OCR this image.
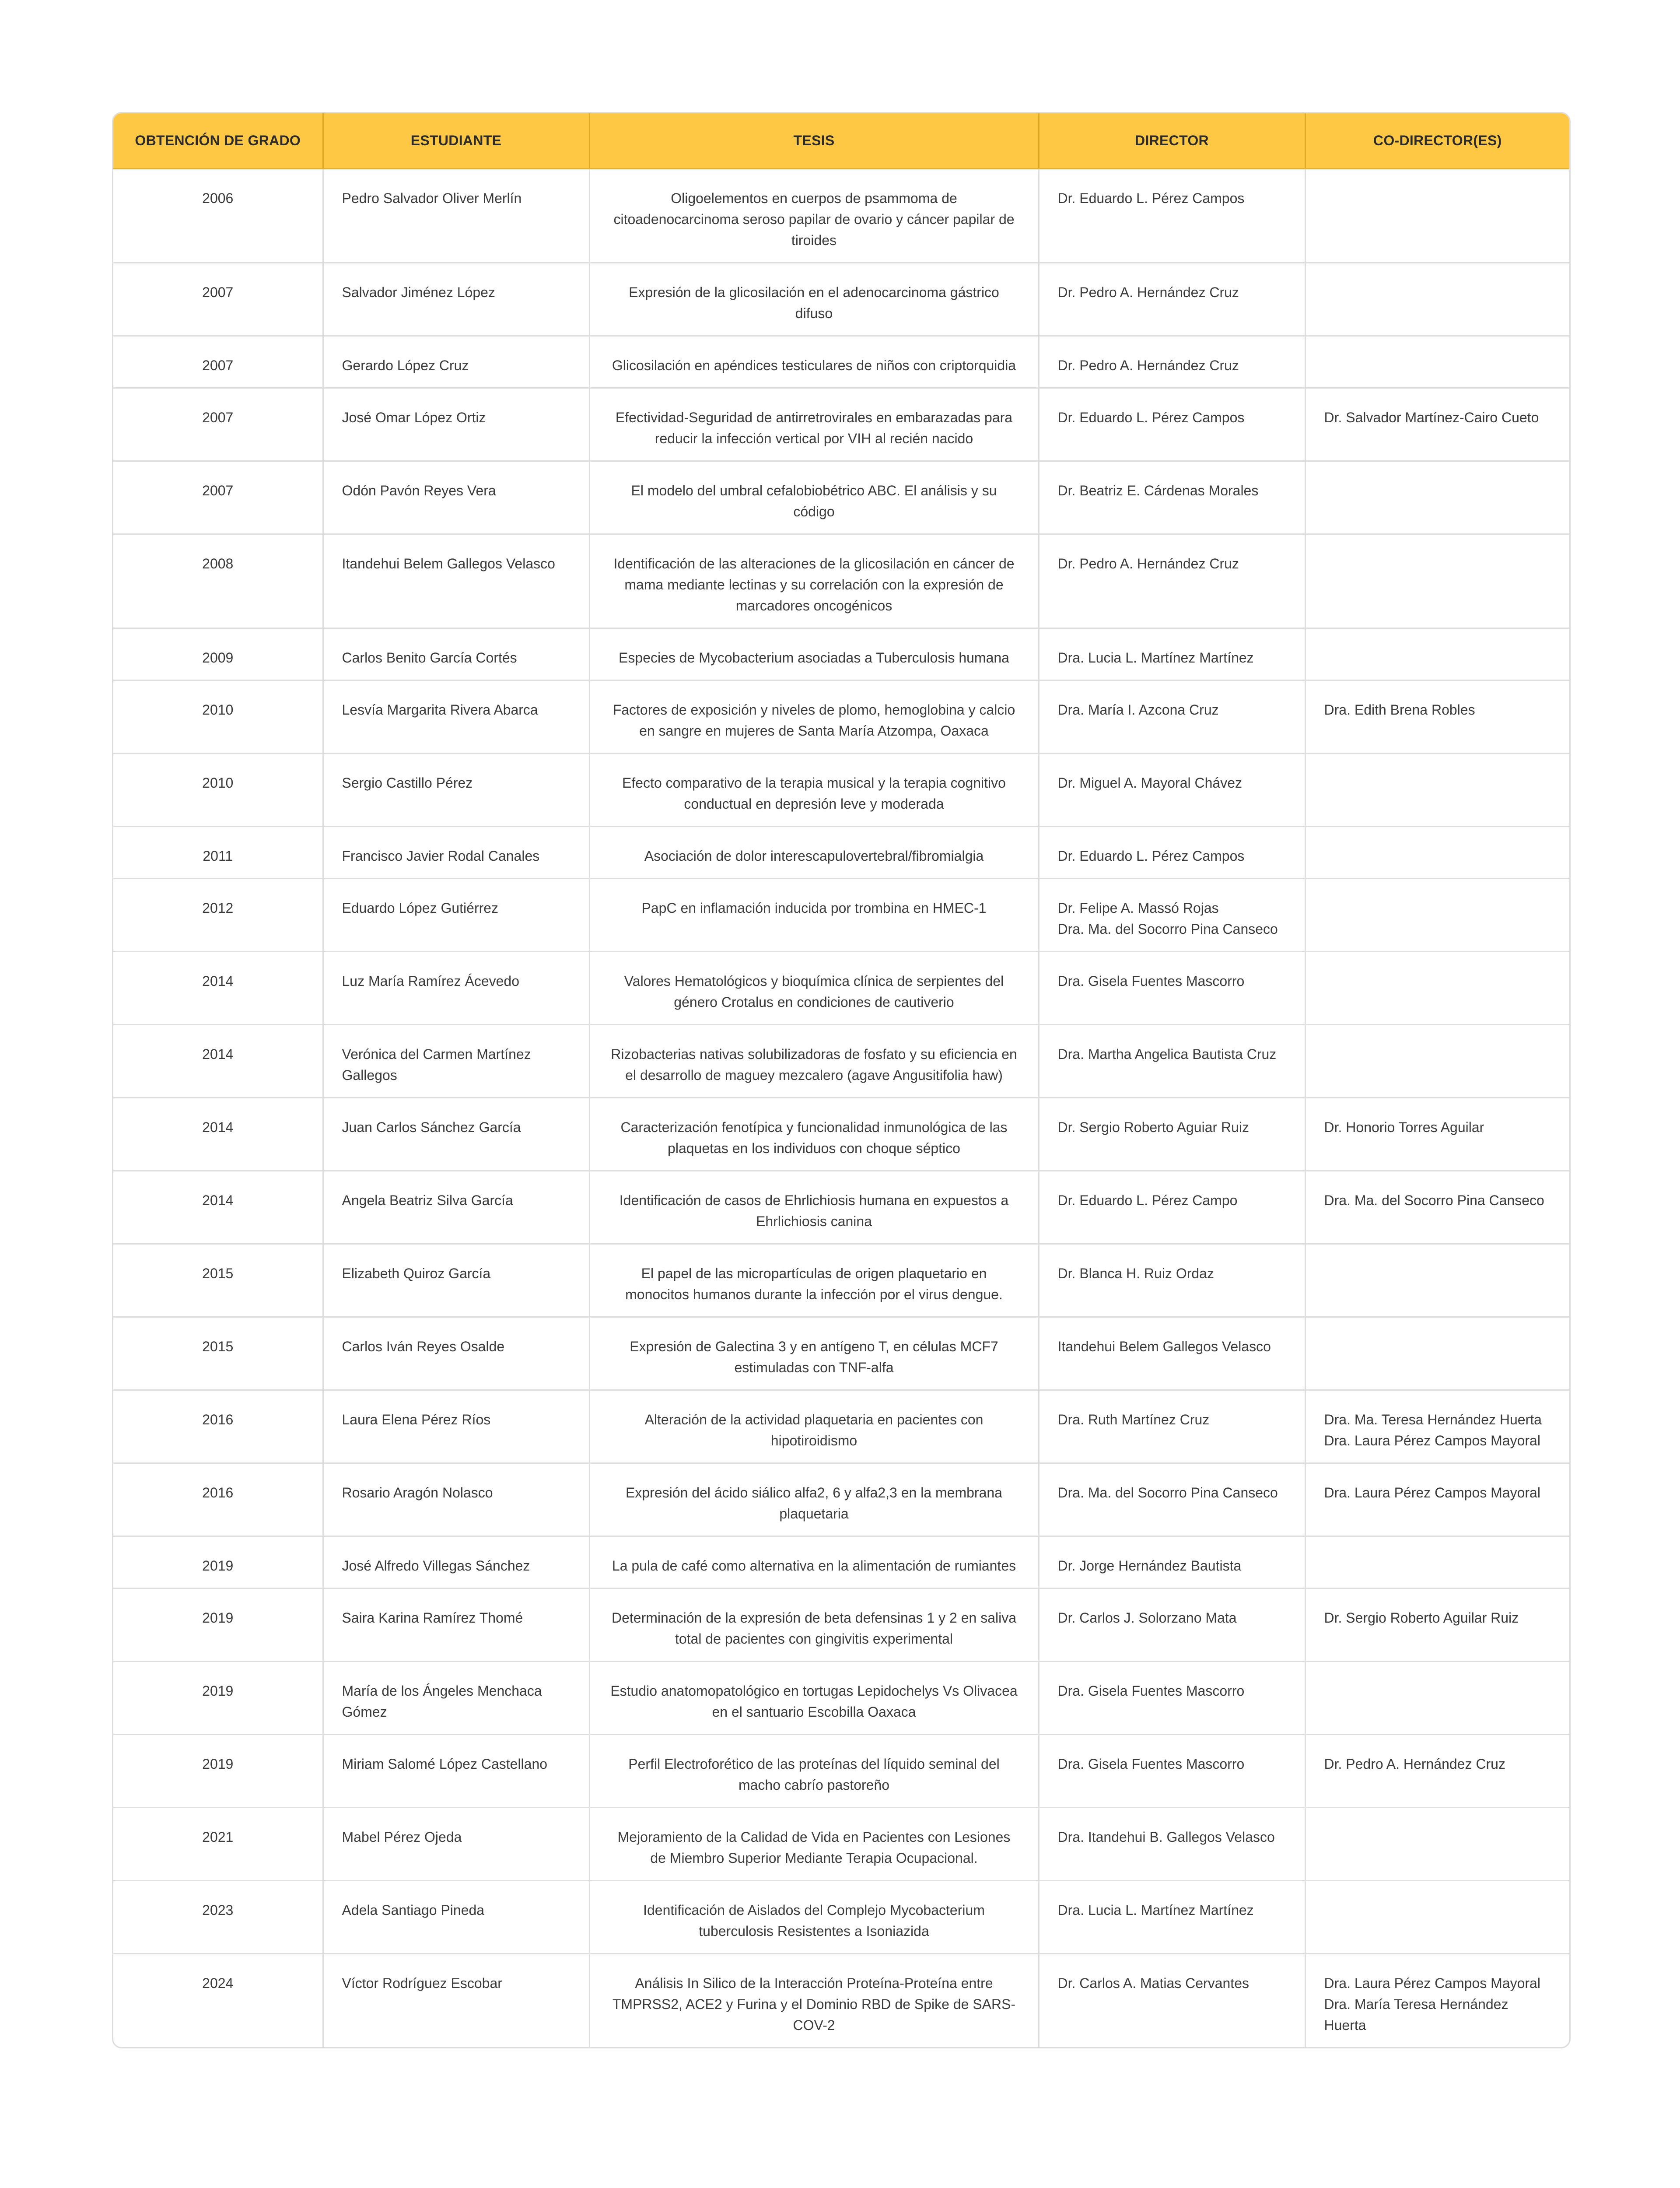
OBTENCIÓN DE GRADO	ESTUDIANTE	TESIS	DIRECTOR	CO-DIRECTOR(ES)
2006	Pedro Salvador Oliver Merlín	Oligoelementos en cuerpos de psammoma de citoadenocarcinoma seroso papilar de ovario y cáncer papilar de tiroides	Dr. Eduardo L. Pérez Campos	

2007	Salvador Jiménez López	Expresión de la glicosilación en el adenocarcinoma gástrico difuso	Dr. Pedro A. Hernández Cruz	

2007	Gerardo López Cruz	Glicosilación en apéndices testiculares de niños con criptorquidia	Dr. Pedro A. Hernández Cruz	

2007	José Omar López Ortiz	Efectividad-Seguridad de antirretrovirales en embarazadas para reducir la infección vertical por VIH al recién nacido	Dr. Eduardo L. Pérez Campos	Dr. Salvador Martínez-Cairo Cueto

2007	Odón Pavón Reyes Vera	El modelo del umbral cefalobiobétrico ABC. El análisis y su código	Dr. Beatriz E. Cárdenas Morales	

2008	Itandehui Belem Gallegos Velasco	Identificación de las alteraciones de la glicosilación en cáncer de mama mediante lectinas y su correlación con la expresión de marcadores oncogénicos	Dr. Pedro A. Hernández Cruz	

2009	Carlos Benito García Cortés	Especies de Mycobacterium asociadas a Tuberculosis humana	Dra. Lucia L. Martínez Martínez	

2010	Lesvía Margarita Rivera Abarca	Factores de exposición y niveles de plomo, hemoglobina y calcio en sangre en mujeres de Santa María Atzompa, Oaxaca	Dra. María I. Azcona Cruz	Dra. Edith Brena Robles

2010	Sergio Castillo Pérez	Efecto comparativo de la terapia musical y la terapia cognitivo conductual en depresión leve y moderada	Dr. Miguel A. Mayoral Chávez	

2011	Francisco Javier Rodal Canales	Asociación de dolor interescapulovertebral/fibromialgia	Dr. Eduardo L. Pérez Campos	

2012	Eduardo López Gutiérrez	PapC en inflamación inducida por trombina en HMEC-1	Dr. Felipe A. Massó Rojas
Dra. Ma. del Socorro Pina Canseco	

2014	Luz María Ramírez Ácevedo	Valores Hematológicos y bioquímica clínica de serpientes del género Crotalus en condiciones de cautiverio	Dra. Gisela Fuentes Mascorro	

2014	Verónica del Carmen Martínez Gallegos	Rizobacterias nativas solubilizadoras de fosfato y su eficiencia en el desarrollo de maguey mezcalero (agave Angusitifolia haw)	Dra. Martha Angelica Bautista Cruz	

2014	Juan Carlos Sánchez García	Caracterización fenotípica y funcionalidad inmunológica de las plaquetas en los individuos con choque séptico	Dr. Sergio Roberto Aguiar Ruiz	Dr. Honorio Torres Aguilar

2014	Angela Beatriz Silva García	Identificación de casos de Ehrlichiosis humana en expuestos a Ehrlichiosis canina	Dr. Eduardo L. Pérez Campo	Dra. Ma. del Socorro Pina Canseco

2015	Elizabeth Quiroz García	El papel de las micropartículas de origen plaquetario en monocitos humanos durante la infección por el virus dengue.	Dr. Blanca H. Ruiz Ordaz	

2015	Carlos Iván Reyes Osalde	Expresión de Galectina 3 y en antígeno T, en células MCF7 estimuladas con TNF-alfa	Itandehui Belem Gallegos Velasco	

2016	Laura Elena Pérez Ríos	Alteración de la actividad plaquetaria en pacientes con hipotiroidismo	Dra. Ruth Martínez Cruz	Dra. Ma. Teresa Hernández Huerta
Dra. Laura Pérez Campos Mayoral

2016	Rosario Aragón Nolasco	Expresión del ácido siálico alfa2, 6 y alfa2,3 en la membrana plaquetaria	Dra. Ma. del Socorro Pina Canseco	Dra. Laura Pérez Campos Mayoral

2019	José Alfredo Villegas Sánchez	La pula de café como alternativa en la alimentación de rumiantes	Dr. Jorge Hernández Bautista	

2019	Saira Karina Ramírez Thomé	Determinación de la expresión de beta defensinas 1 y 2 en saliva total de pacientes con gingivitis experimental	Dr. Carlos J. Solorzano Mata	Dr. Sergio Roberto Aguilar Ruiz

2019	María de los Ángeles Menchaca Gómez	Estudio anatomopatológico en tortugas Lepidochelys Vs Olivacea en el santuario Escobilla Oaxaca	Dra. Gisela Fuentes Mascorro	

2019	Miriam Salomé López Castellano	Perfil Electroforético de las proteínas del líquido seminal del macho cabrío pastoreño	Dra. Gisela Fuentes Mascorro	Dr. Pedro A. Hernández Cruz

2021	Mabel Pérez Ojeda	Mejoramiento de la Calidad de Vida en Pacientes con Lesiones de Miembro Superior Mediante Terapia Ocupacional.	Dra. Itandehui B. Gallegos Velasco	

2023	Adela Santiago Pineda	Identificación de Aislados del Complejo Mycobacterium tuberculosis Resistentes a Isoniazida	Dra. Lucia L. Martínez Martínez	

2024	Víctor Rodríguez Escobar	Análisis In Silico de la Interacción Proteína-Proteína entre TMPRSS2, ACE2 y Furina y el Dominio RBD de Spike de SARS-COV-2	Dr. Carlos A. Matias Cervantes	Dra. Laura Pérez Campos Mayoral
Dra. María Teresa Hernández Huerta
